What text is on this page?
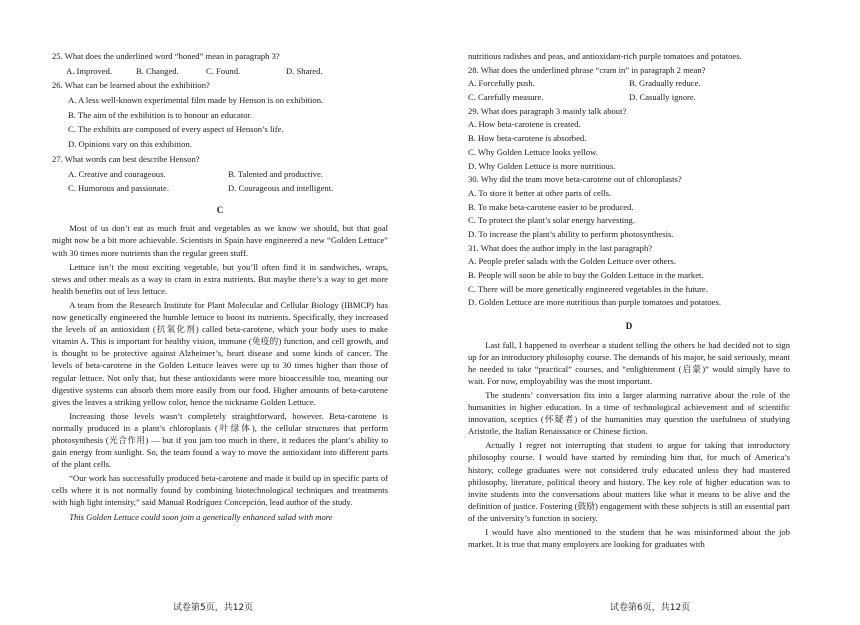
25. What does the underlined word “honed” mean in paragraph 3?
A. Improved.	B. Changed.	C. Found.	D. Shared.
26. What can be learned about the exhibition?
A. A less well-known experimental film made by Henson is on exhibition.
B. The aim of the exhibition is to honour an educator.
C. The exhibits are composed of every aspect of Henson’s life.
D. Opinions vary on this exhibition.
27. What words can best describe Henson?
A. Creative and courageous.	B. Talented and productive.
C. Humorous and passionate.	D. Courageous and intelligent.
C

Most of us don’t eat as much fruit and vegetables as we know we should, but that goal might now be a bit more achievable. Scientists in Spain have engineered a new “Golden Lettuce” with 30 times more nutrients than the regular green stuff.

Lettuce isn’t the most exciting vegetable, but you’ll often find it in sandwiches, wraps, stews and other meals as a way to cram in extra nutrients. But maybe there’s a way to get more health benefits out of less lettuce.

A team from the Research Institute for Plant Molecular and Cellular Biology (IBMCP) has now genetically engineered the humble lettuce to boost its nutrients. Specifically, they increased the levels of an antioxidant (抗氧化剂) called beta-carotene, which your body uses to make vitamin A. This is important for healthy vision, immune (免疫的) function, and cell growth, and is thought to be protective against Alzheimer’s, heart disease and some kinds of cancer. The levels of beta-carotene in the Golden Lettuce leaves were up to 30 times higher than those of regular lettuce. Not only that, but these antioxidants were more bioaccessible too, meaning our digestive systems can absorb them more easily from our food. Higher amounts of beta-carotene gives the leaves a striking yellow color, hence the nickname Golden Lettuce.

Increasing those levels wasn’t completely straightforward, however. Beta-carotene is normally produced in a plant’s chloroplasts (叶绿体), the cellular structures that perform photosynthesis (光合作用) — but if you jam too much in there, it reduces the plant’s ability to gain energy from sunlight. So, the team found a way to move the antioxidant into different parts of the plant cells.

“Our work has successfully produced beta-carotene and made it build up in specific parts of cells where it is not normally found by combining biotechnological techniques and treatments with high light intensity,” said Manual Rodríguez Concepción, lead author of the study.

This Golden Lettuce could soon join a genetically enhanced salad with more

nutritious radishes and peas, and antioxidant-rich purple tomatoes and potatoes.
28. What does the underlined phrase “cram in” in paragraph 2 mean?
A. Forcefully push.	B. Gradually reduce.
C. Carefully measure.	D. Casually ignore.
29. What does paragraph 3 mainly talk about?
A. How beta-carotene is created.
B. How beta-carotene is absorbed.
C. Why Golden Lettuce looks yellow.
D. Why Golden Lettuce is more nutritious.
30. Why did the team move beta-carotene out of chloroplasts?
A. To store it better at other parts of cells.
B. To make beta-carotene easier to be produced.
C. To protect the plant’s solar energy harvesting.
D. To increase the plant’s ability to perform photosynthesis.
31. What does the author imply in the last paragraph?
A. People prefer salads with the Golden Lettuce over others.
B. People will soon be able to buy the Golden Lettuce in the market.
C. There will be more genetically engineered vegetables in the future.
D. Golden Lettuce are more nutritious than purple tomatoes and potatoes.
D

Last fall, I happened to overhear a student telling the others he had decided not to sign up for an introductory philosophy course. The demands of his major, he said seriously, meant he needed to take “practical” courses, and “enlightenment (启蒙)” would simply have to wait. For now, employability was the most important.

The students’ conversation fits into a larger alarming narrative about the role of the humanities in higher education. In a time of technological achievement and of scientific innovation, sceptics (怀疑者) of the humanities may question the usefulness of studying Aristotle, the Italian Renaissance or Chinese fiction.

Actually I regret not interrupting that student to argue for taking that introductory philosophy course. I would have started by reminding him that, for much of America’s history, college graduates were not considered truly educated unless they had mastered philosophy, literature, political theory and history. The key role of higher education was to invite students into the conversations about matters like what it means to be alive and the definition of justice. Fostering (鼓励) engagement with these subjects is still an essential part of the university’s function in society.

I would have also mentioned to the student that he was misinformed about the job market. It is true that many employers are looking for graduates with

试卷第5页，共12页	试卷第6页，共12页
